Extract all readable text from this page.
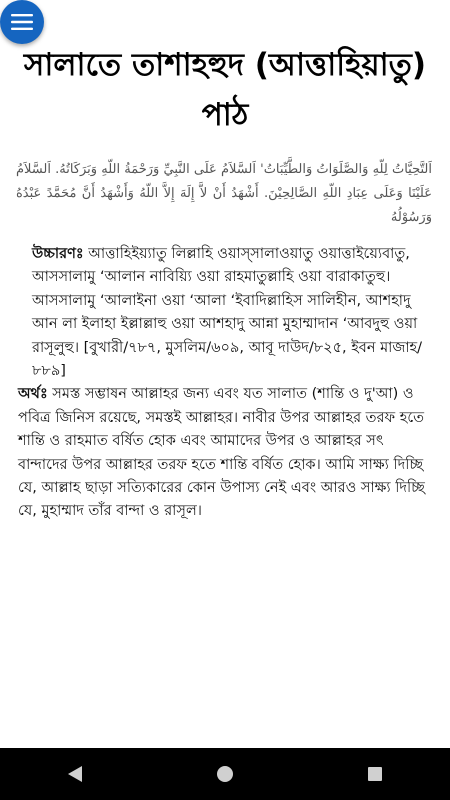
সালাতে তাশাহহুদ (আত্তাহিয়াতু) পাঠ
اَلتَّحِيَّاتُ لِلّهِ وَالصَّلَوَاتُ وَالطَّيِّبَاتُ' اَلسَّلاَمُ عَلَى النَّبِيِّ وَرَحْمَةُ اللّهِ وَبَرَكَاتُهُ. اَلسَّلاَمُ عَلَيْنَا وَعَلَى عِبَادِ اللّهِ الصَّالِحِيْنَ. أَشْهَدُ أَنْ لاَّ إِلَهَ إِلاَّ اللّهُ وَأَشْهَدُ أَنَّ مُحَمَّدً عَبْدُهُ وَرَسُوْلُهُ

উচ্চারণঃ আত্তাহিইয়্যাতু লিল্লাহি ওয়াস্সালাওয়াতু ওয়াত্তাইয়্যেবাতু, আসসালামু ‘আলান নাবিয়্যি ওয়া রাহমাতুল্লাহি ওয়া বারাকাতুহু। আসসালামু ‘আলাইনা ওয়া ‘আলা ‘ইবাদিল্লাহিস সালিহীন, আশহাদু আন লা ইলাহা ইল্লাল্লাহু ওয়া আশহাদু আন্না মুহাম্মাদান ‘আবদুহু ওয়া রাসূলুহু। [বুখারী/৭৮৭, মুসলিম/৬০৯, আবূ দাউদ/৮২৫, ইবন মাজাহ/৮৮৯]

অর্থঃ সমস্ত সম্ভাষন আল্লাহর জন্য এবং যত সালাত (শান্তি ও দু'আ) ও পবিত্র জিনিস রয়েছে, সমস্তই আল্লাহর। নাবীর উপর আল্লাহর তরফ হতে শান্তি ও রাহমাত বর্ষিত হোক এবং আমাদের উপর ও আল্লাহর সৎ বান্দাদের উপর আল্লাহর তরফ হতে শান্তি বর্ষিত হোক। আমি সাক্ষ্য দিচ্ছি যে, আল্লাহ ছাড়া সত্যিকারের কোন উপাস্য নেই এবং আরও সাক্ষ্য দিচ্ছি যে, মুহাম্মাদ তাঁর বান্দা ও রাসূল।
